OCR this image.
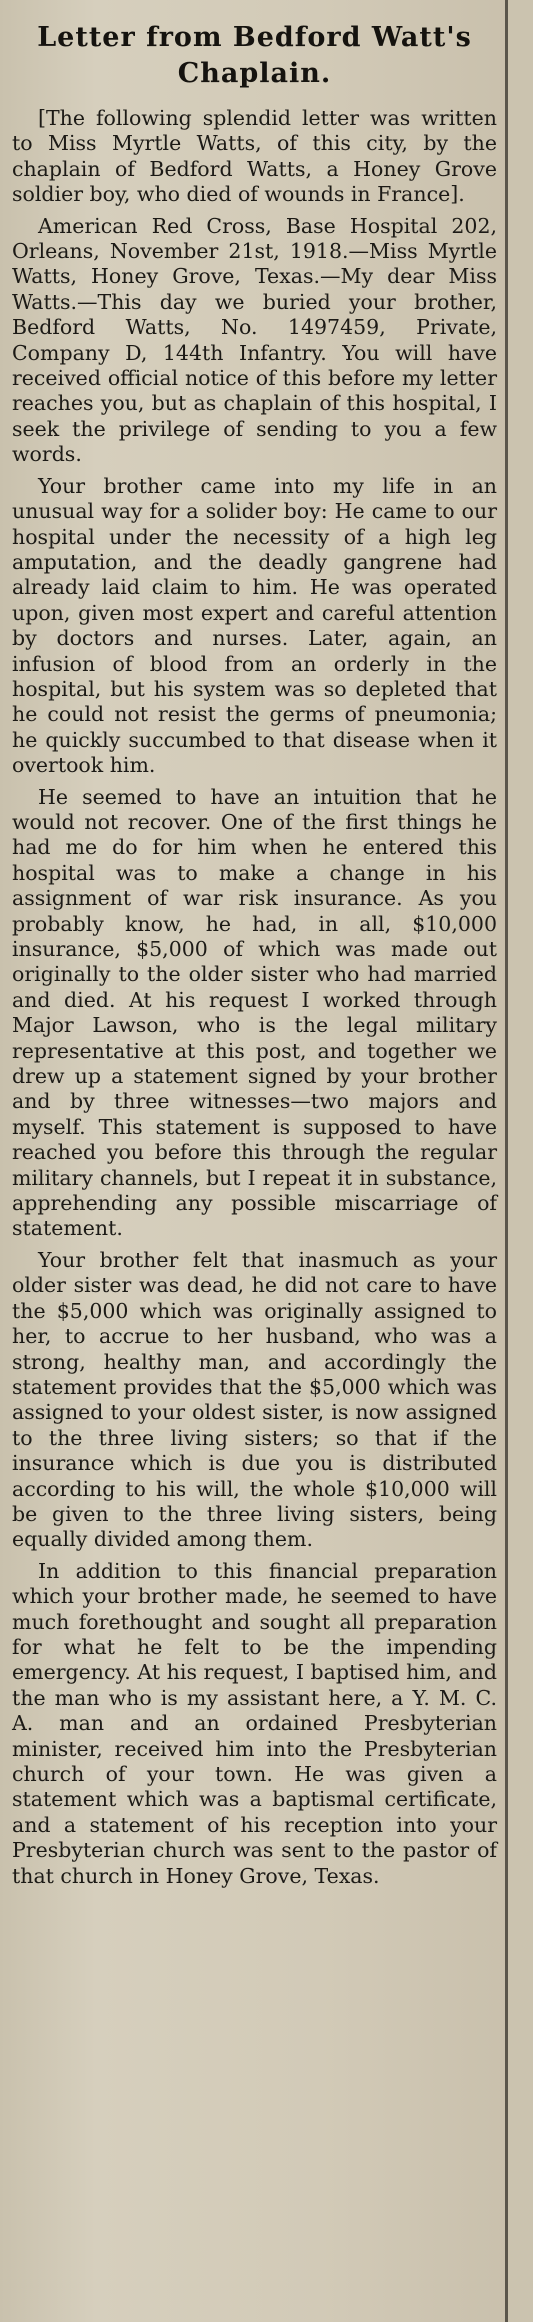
Letter from Bedford Watt's Chaplain.

[The following splendid letter was written to Miss Myrtle Watts, of this city, by the chaplain of Bedford Watts, a Honey Grove soldier boy, who died of wounds in France].

American Red Cross, Base Hospital 202, Orleans, November 21st, 1918.—Miss Myrtle Watts, Honey Grove, Texas.—My dear Miss Watts.—This day we buried your brother, Bedford Watts, No. 1497459, Private, Company D, 144th Infantry. You will have received official notice of this before my letter reaches you, but as chaplain of this hospital, I seek the privilege of sending to you a few words.

Your brother came into my life in an unusual way for a solider boy: He came to our hospital under the necessity of a high leg amputation, and the deadly gangrene had already laid claim to him. He was operated upon, given most expert and careful attention by doctors and nurses. Later, again, an infusion of blood from an orderly in the hospital, but his system was so depleted that he could not resist the germs of pneumonia; he quickly succumbed to that disease when it overtook him.

He seemed to have an intuition that he would not recover. One of the first things he had me do for him when he entered this hospital was to make a change in his assignment of war risk insurance. As you probably know, he had, in all, $10,000 insurance, $5,000 of which was made out originally to the older sister who had married and died. At his request I worked through Major Lawson, who is the legal military representative at this post, and together we drew up a statement signed by your brother and by three witnesses—two majors and myself. This statement is supposed to have reached you before this through the regular military channels, but I repeat it in substance, apprehending any possible miscarriage of statement.

Your brother felt that inasmuch as your older sister was dead, he did not care to have the $5,000 which was originally assigned to her, to accrue to her husband, who was a strong, healthy man, and accordingly the statement provides that the $5,000 which was assigned to your oldest sister, is now assigned to the three living sisters; so that if the insurance which is due you is distributed according to his will, the whole $10,000 will be given to the three living sisters, being equally divided among them.

In addition to this financial preparation which your brother made, he seemed to have much forethought and sought all preparation for what he felt to be the impending emergency. At his request, I baptised him, and the man who is my assistant here, a Y. M. C. A. man and an ordained Presbyterian minister, received him into the Presbyterian church of your town. He was given a statement which was a baptismal certificate, and a statement of his reception into your Presbyterian church was sent to the pastor of that church in Honey Grove, Texas.
